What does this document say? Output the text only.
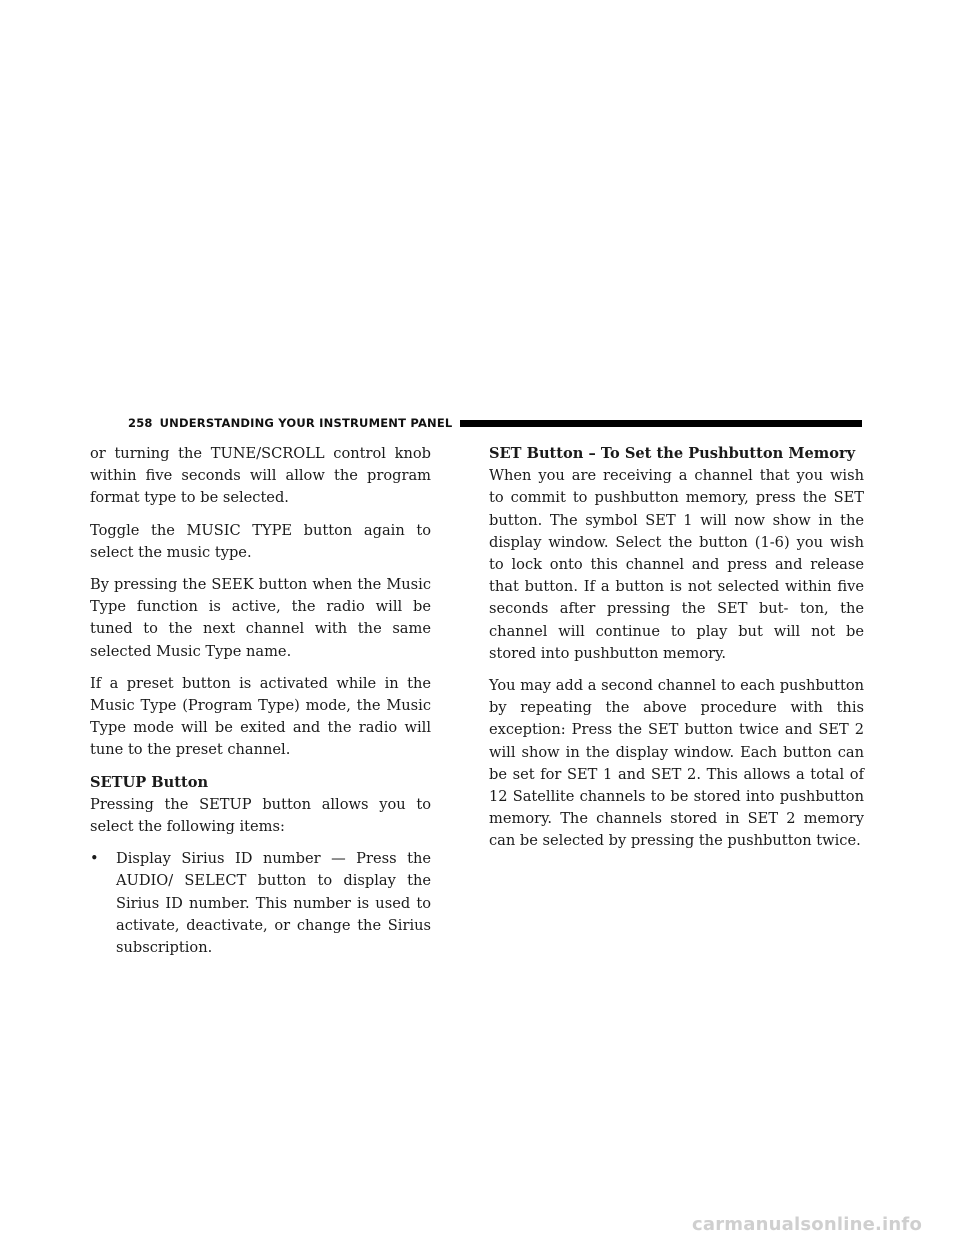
258 UNDERSTANDING YOUR INSTRUMENT PANEL

or turning the TUNE/SCROLL control knob within five seconds will allow the program format type to be selected.

Toggle the MUSIC TYPE button again to select the music type.

By pressing the SEEK button when the Music Type function is active, the radio will be tuned to the next channel with the same selected Music Type name.

If a preset button is activated while in the Music Type (Program Type) mode, the Music Type mode will be exited and the radio will tune to the preset channel.

SETUP Button

Pressing the SETUP button allows you to select the following items:

• Display Sirius ID number — Press the AUDIO/ SELECT button to display the Sirius ID number. This number is used to activate, deactivate, or change the Sirius subscription.
SET Button – To Set the Pushbutton Memory

When you are receiving a channel that you wish to commit to pushbutton memory, press the SET button. The symbol SET 1 will now show in the display window. Select the button (1-6) you wish to lock onto this channel and press and release that button. If a button is not selected within five seconds after pressing the SET but- ton, the channel will continue to play but will not be stored into pushbutton memory.

You may add a second channel to each pushbutton by repeating the above procedure with this exception: Press the SET button twice and SET 2 will show in the display window. Each button can be set for SET 1 and SET 2. This allows a total of 12 Satellite channels to be stored into pushbutton memory. The channels stored in SET 2 memory can be selected by pressing the pushbutton twice.

carmanualsonline.info
